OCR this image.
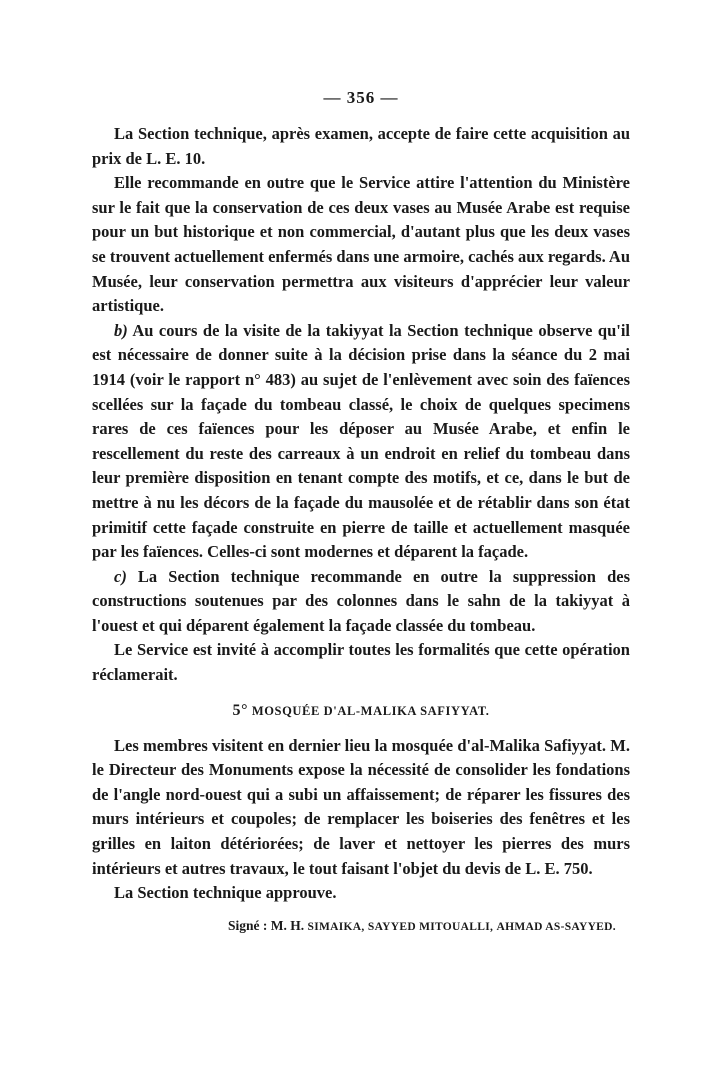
— 356 —

La Section technique, après examen, accepte de faire cette acquisition au prix de L. E. 10.

Elle recommande en outre que le Service attire l'attention du Ministère sur le fait que la conservation de ces deux vases au Musée Arabe est requise pour un but historique et non commercial, d'autant plus que les deux vases se trouvent actuellement enfermés dans une armoire, cachés aux regards. Au Musée, leur conservation permettra aux visiteurs d'apprécier leur valeur artistique.

b) Au cours de la visite de la takiyyat la Section technique observe qu'il est nécessaire de donner suite à la décision prise dans la séance du 2 mai 1914 (voir le rapport n° 483) au sujet de l'enlèvement avec soin des faïences scellées sur la façade du tombeau classé, le choix de quelques specimens rares de ces faïences pour les déposer au Musée Arabe, et enfin le rescellement du reste des carreaux à un endroit en relief du tombeau dans leur première disposition en tenant compte des motifs, et ce, dans le but de mettre à nu les décors de la façade du mausolée et de rétablir dans son état primitif cette façade construite en pierre de taille et actuellement masquée par les faïences. Celles-ci sont modernes et déparent la façade.

c) La Section technique recommande en outre la suppression des constructions soutenues par des colonnes dans le sahn de la takiyyat à l'ouest et qui déparent également la façade classée du tombeau.

Le Service est invité à accomplir toutes les formalités que cette opération réclamerait.

5° MOSQUÉE D'AL-MALIKA SAFIYYAT.

Les membres visitent en dernier lieu la mosquée d'al-Malika Safiyyat. M. le Directeur des Monuments expose la nécessité de consolider les fondations de l'angle nord-ouest qui a subi un affaissement; de réparer les fissures des murs intérieurs et coupoles; de remplacer les boiseries des fenêtres et les grilles en laiton détériorées; de laver et nettoyer les pierres des murs intérieurs et autres travaux, le tout faisant l'objet du devis de L. E. 750.

La Section technique approuve.

Signé : M. H. SIMAIKA, SAYYED MITOUALLI, AHMAD AS-SAYYED.
